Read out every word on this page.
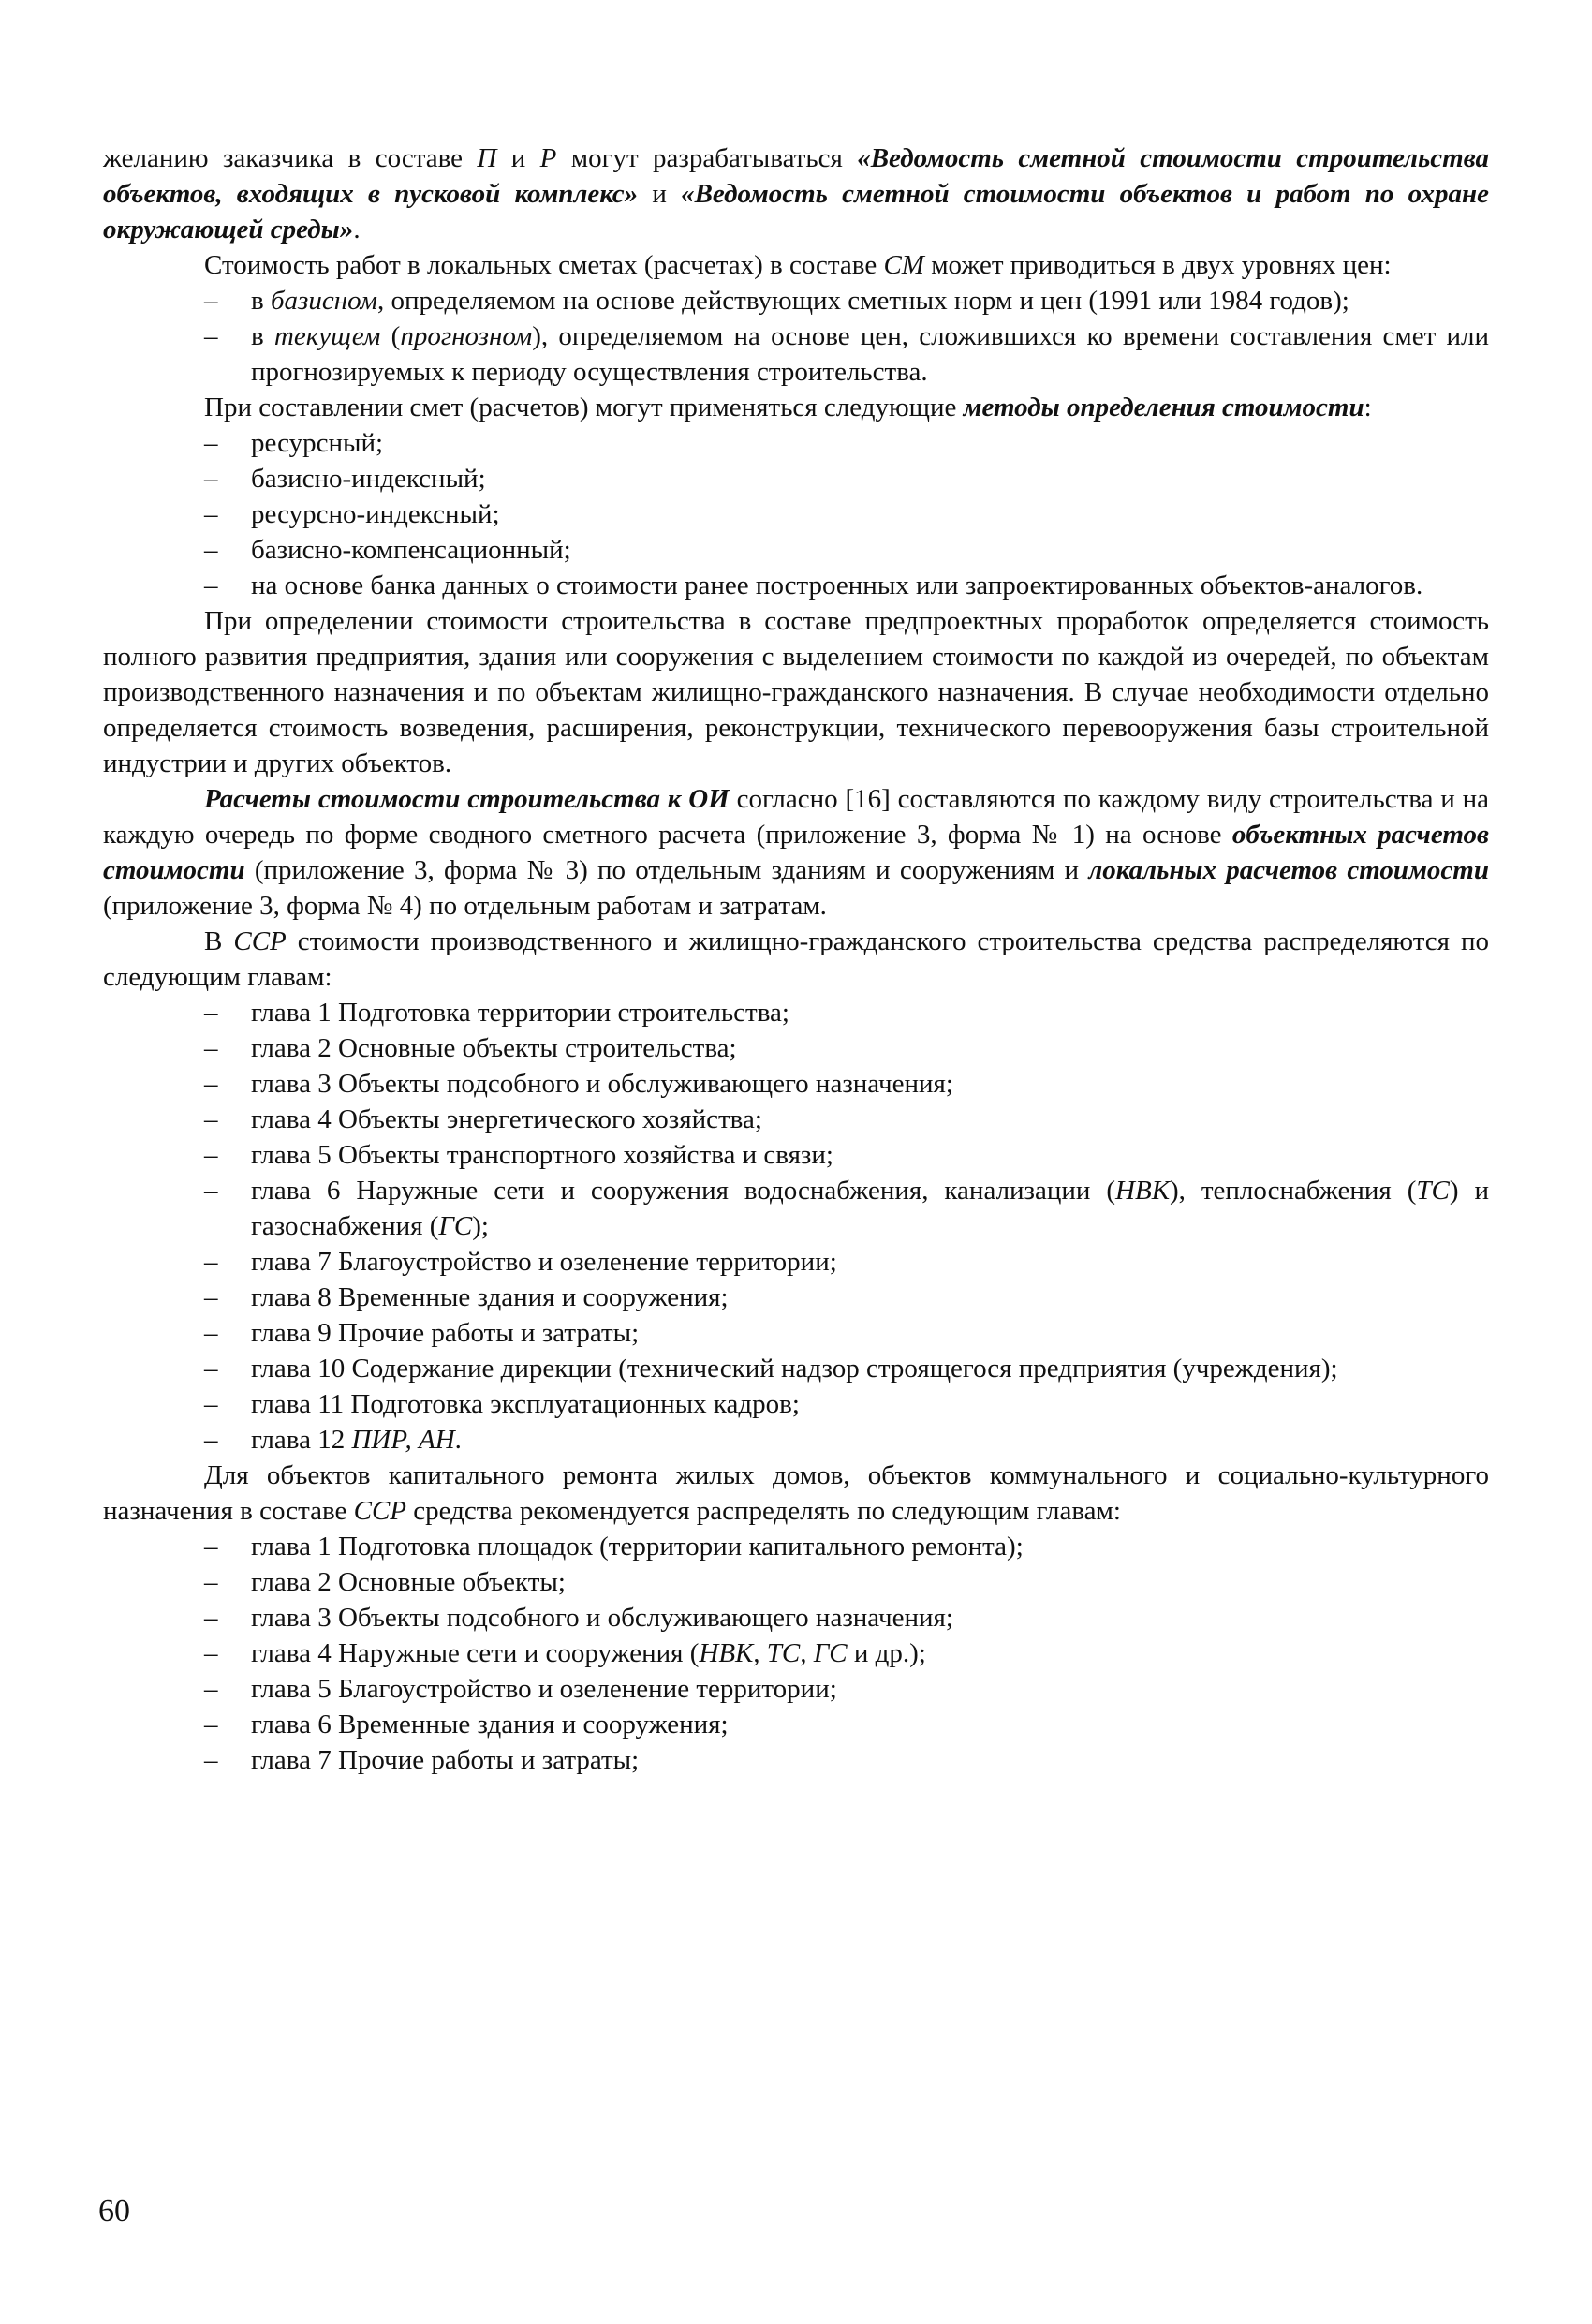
желанию заказчика в составе П и Р могут разрабатываться «Ведомость сметной стоимости строительства объектов, входящих в пусковой комплекс» и «Ведомость сметной стоимости объектов и работ по охране окружающей среды».

Стоимость работ в локальных сметах (расчетах) в составе СМ может приводиться в двух уровнях цен:

– в базисном, определяемом на основе действующих сметных норм и цен (1991 или 1984 годов);
– в текущем (прогнозном), определяемом на основе цен, сложившихся ко времени составления смет или прогнозируемых к периоду осуществления строительства.

При составлении смет (расчетов) могут применяться следующие методы определения стоимости:

– ресурсный;
– базисно-индексный;
– ресурсно-индексный;
– базисно-компенсационный;
– на основе банка данных о стоимости ранее построенных или запроектированных объектов-аналогов.

При определении стоимости строительства в составе предпроектных проработок определяется стоимость полного развития предприятия, здания или сооружения с выделением стоимости по каждой из очередей, по объектам производственного назначения и по объектам жилищно-гражданского назначения. В случае необходимости отдельно определяется стоимость возведения, расширения, реконструкции, технического перевооружения базы строительной индустрии и других объектов.

Расчеты стоимости строительства к ОИ согласно [16] составляются по каждому виду строительства и на каждую очередь по форме сводного сметного расчета (приложение 3, форма № 1) на основе объектных расчетов стоимости (приложение 3, форма № 3) по отдельным зданиям и сооружениям и локальных расчетов стоимости (приложение 3, форма № 4) по отдельным работам и затратам.

В ССР стоимости производственного и жилищно-гражданского строительства средства распределяются по следующим главам:

– глава 1 Подготовка территории строительства;
– глава 2 Основные объекты строительства;
– глава 3 Объекты подсобного и обслуживающего назначения;
– глава 4 Объекты энергетического хозяйства;
– глава 5 Объекты транспортного хозяйства и связи;
– глава 6 Наружные сети и сооружения водоснабжения, канализации (НВК), теплоснабжения (ТС) и газоснабжения (ГС);
– глава 7 Благоустройство и озеленение территории;
– глава 8 Временные здания и сооружения;
– глава 9 Прочие работы и затраты;
– глава 10 Содержание дирекции (технический надзор строящегося предприятия (учреждения);
– глава 11 Подготовка эксплуатационных кадров;
– глава 12 ПИР, АН.

Для объектов капитального ремонта жилых домов, объектов коммунального и социально-культурного назначения в составе ССР средства рекомендуется распределять по следующим главам:

– глава 1 Подготовка площадок (территории капитального ремонта);
– глава 2 Основные объекты;
– глава 3 Объекты подсобного и обслуживающего назначения;
– глава 4 Наружные сети и сооружения (НВК, ТС, ГС и др.);
– глава 5 Благоустройство и озеленение территории;
– глава 6 Временные здания и сооружения;
– глава 7 Прочие работы и затраты;
60
